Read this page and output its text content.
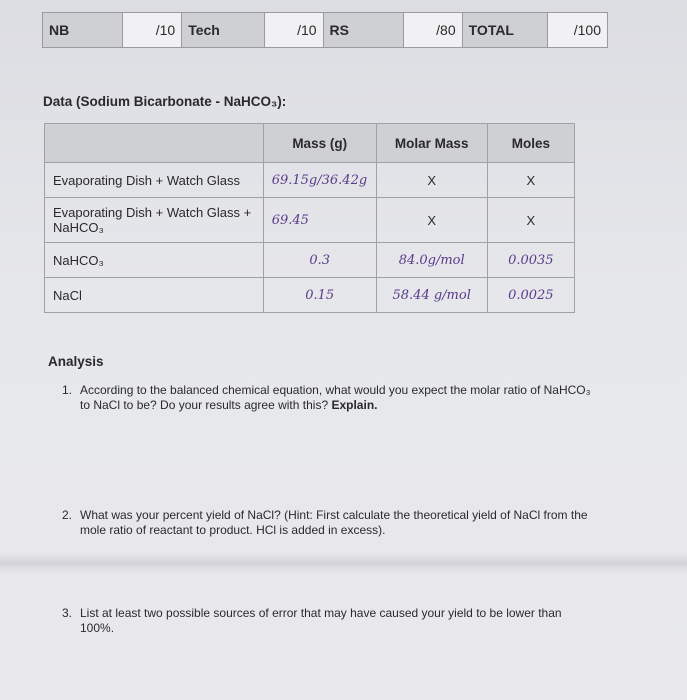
NB	/10	Tech	/10	RS	/80	TOTAL	/100
Data (Sodium Bicarbonate - NaHCO₃):
	Mass (g)	Molar Mass	Moles
Evaporating Dish + Watch Glass	69.15g/36.42g	X	X
Evaporating Dish + Watch Glass + NaHCO₃	69.45	X	X
NaHCO₃	0.3	84.0g/mol	0.0035
NaCl	0.15	58.44 g/mol	0.0025
Analysis
1. According to the balanced chemical equation, what would you expect the molar ratio of NaHCO₃ to NaCl to be? Do your results agree with this? Explain.
2. What was your percent yield of NaCl? (Hint: First calculate the theoretical yield of NaCl from the mole ratio of reactant to product. HCl is added in excess).
3. List at least two possible sources of error that may have caused your yield to be lower than 100%.
